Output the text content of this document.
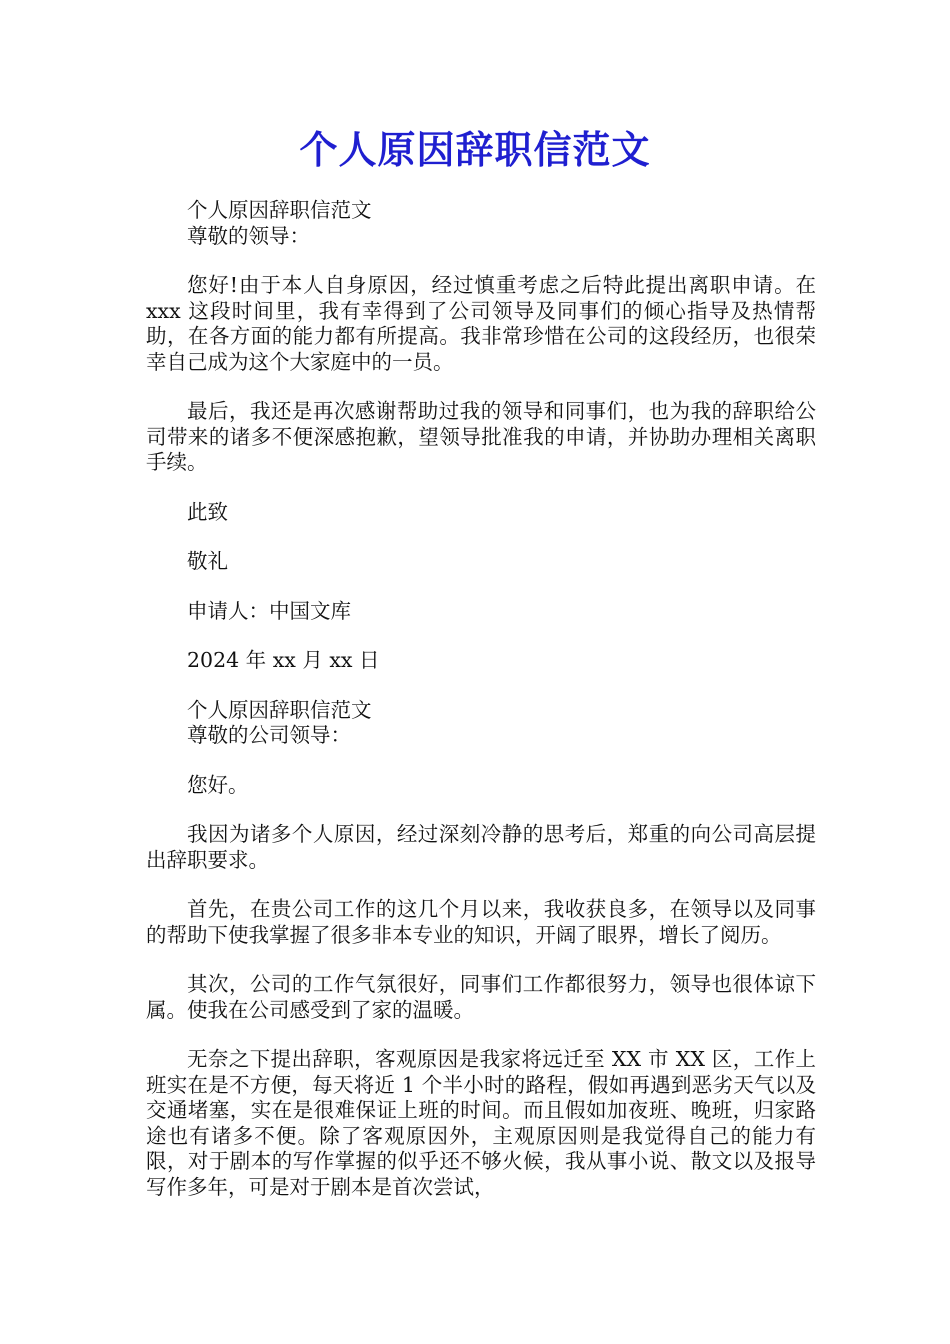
个人原因辞职信范文

个人原因辞职信范文

尊敬的领导：

您好!由于本人自身原因，经过慎重考虑之后特此提出离职申请。在 xxx 这段时间里，我有幸得到了公司领导及同事们的倾心指导及热情帮助，在各方面的能力都有所提高。我非常珍惜在公司的这段经历，也很荣幸自己成为这个大家庭中的一员。

最后，我还是再次感谢帮助过我的领导和同事们，也为我的辞职给公司带来的诸多不便深感抱歉，望领导批准我的申请，并协助办理相关离职手续。

此致

敬礼

申请人：中国文库

2024 年 xx 月 xx 日

个人原因辞职信范文

尊敬的公司领导：

您好。

我因为诸多个人原因，经过深刻冷静的思考后，郑重的向公司高层提出辞职要求。

首先，在贵公司工作的这几个月以来，我收获良多，在领导以及同事的帮助下使我掌握了很多非本专业的知识，开阔了眼界，增长了阅历。

其次，公司的工作气氛很好，同事们工作都很努力，领导也很体谅下属。使我在公司感受到了家的温暖。

无奈之下提出辞职，客观原因是我家将远迁至 XX 市 XX 区，工作上班实在是不方便，每天将近 1 个半小时的路程，假如再遇到恶劣天气以及交通堵塞，实在是很难保证上班的时间。而且假如加夜班、晚班，归家路途也有诸多不便。除了客观原因外，主观原因则是我觉得自己的能力有限，对于剧本的写作掌握的似乎还不够火候，我从事小说、散文以及报导写作多年，可是对于剧本是首次尝试，
